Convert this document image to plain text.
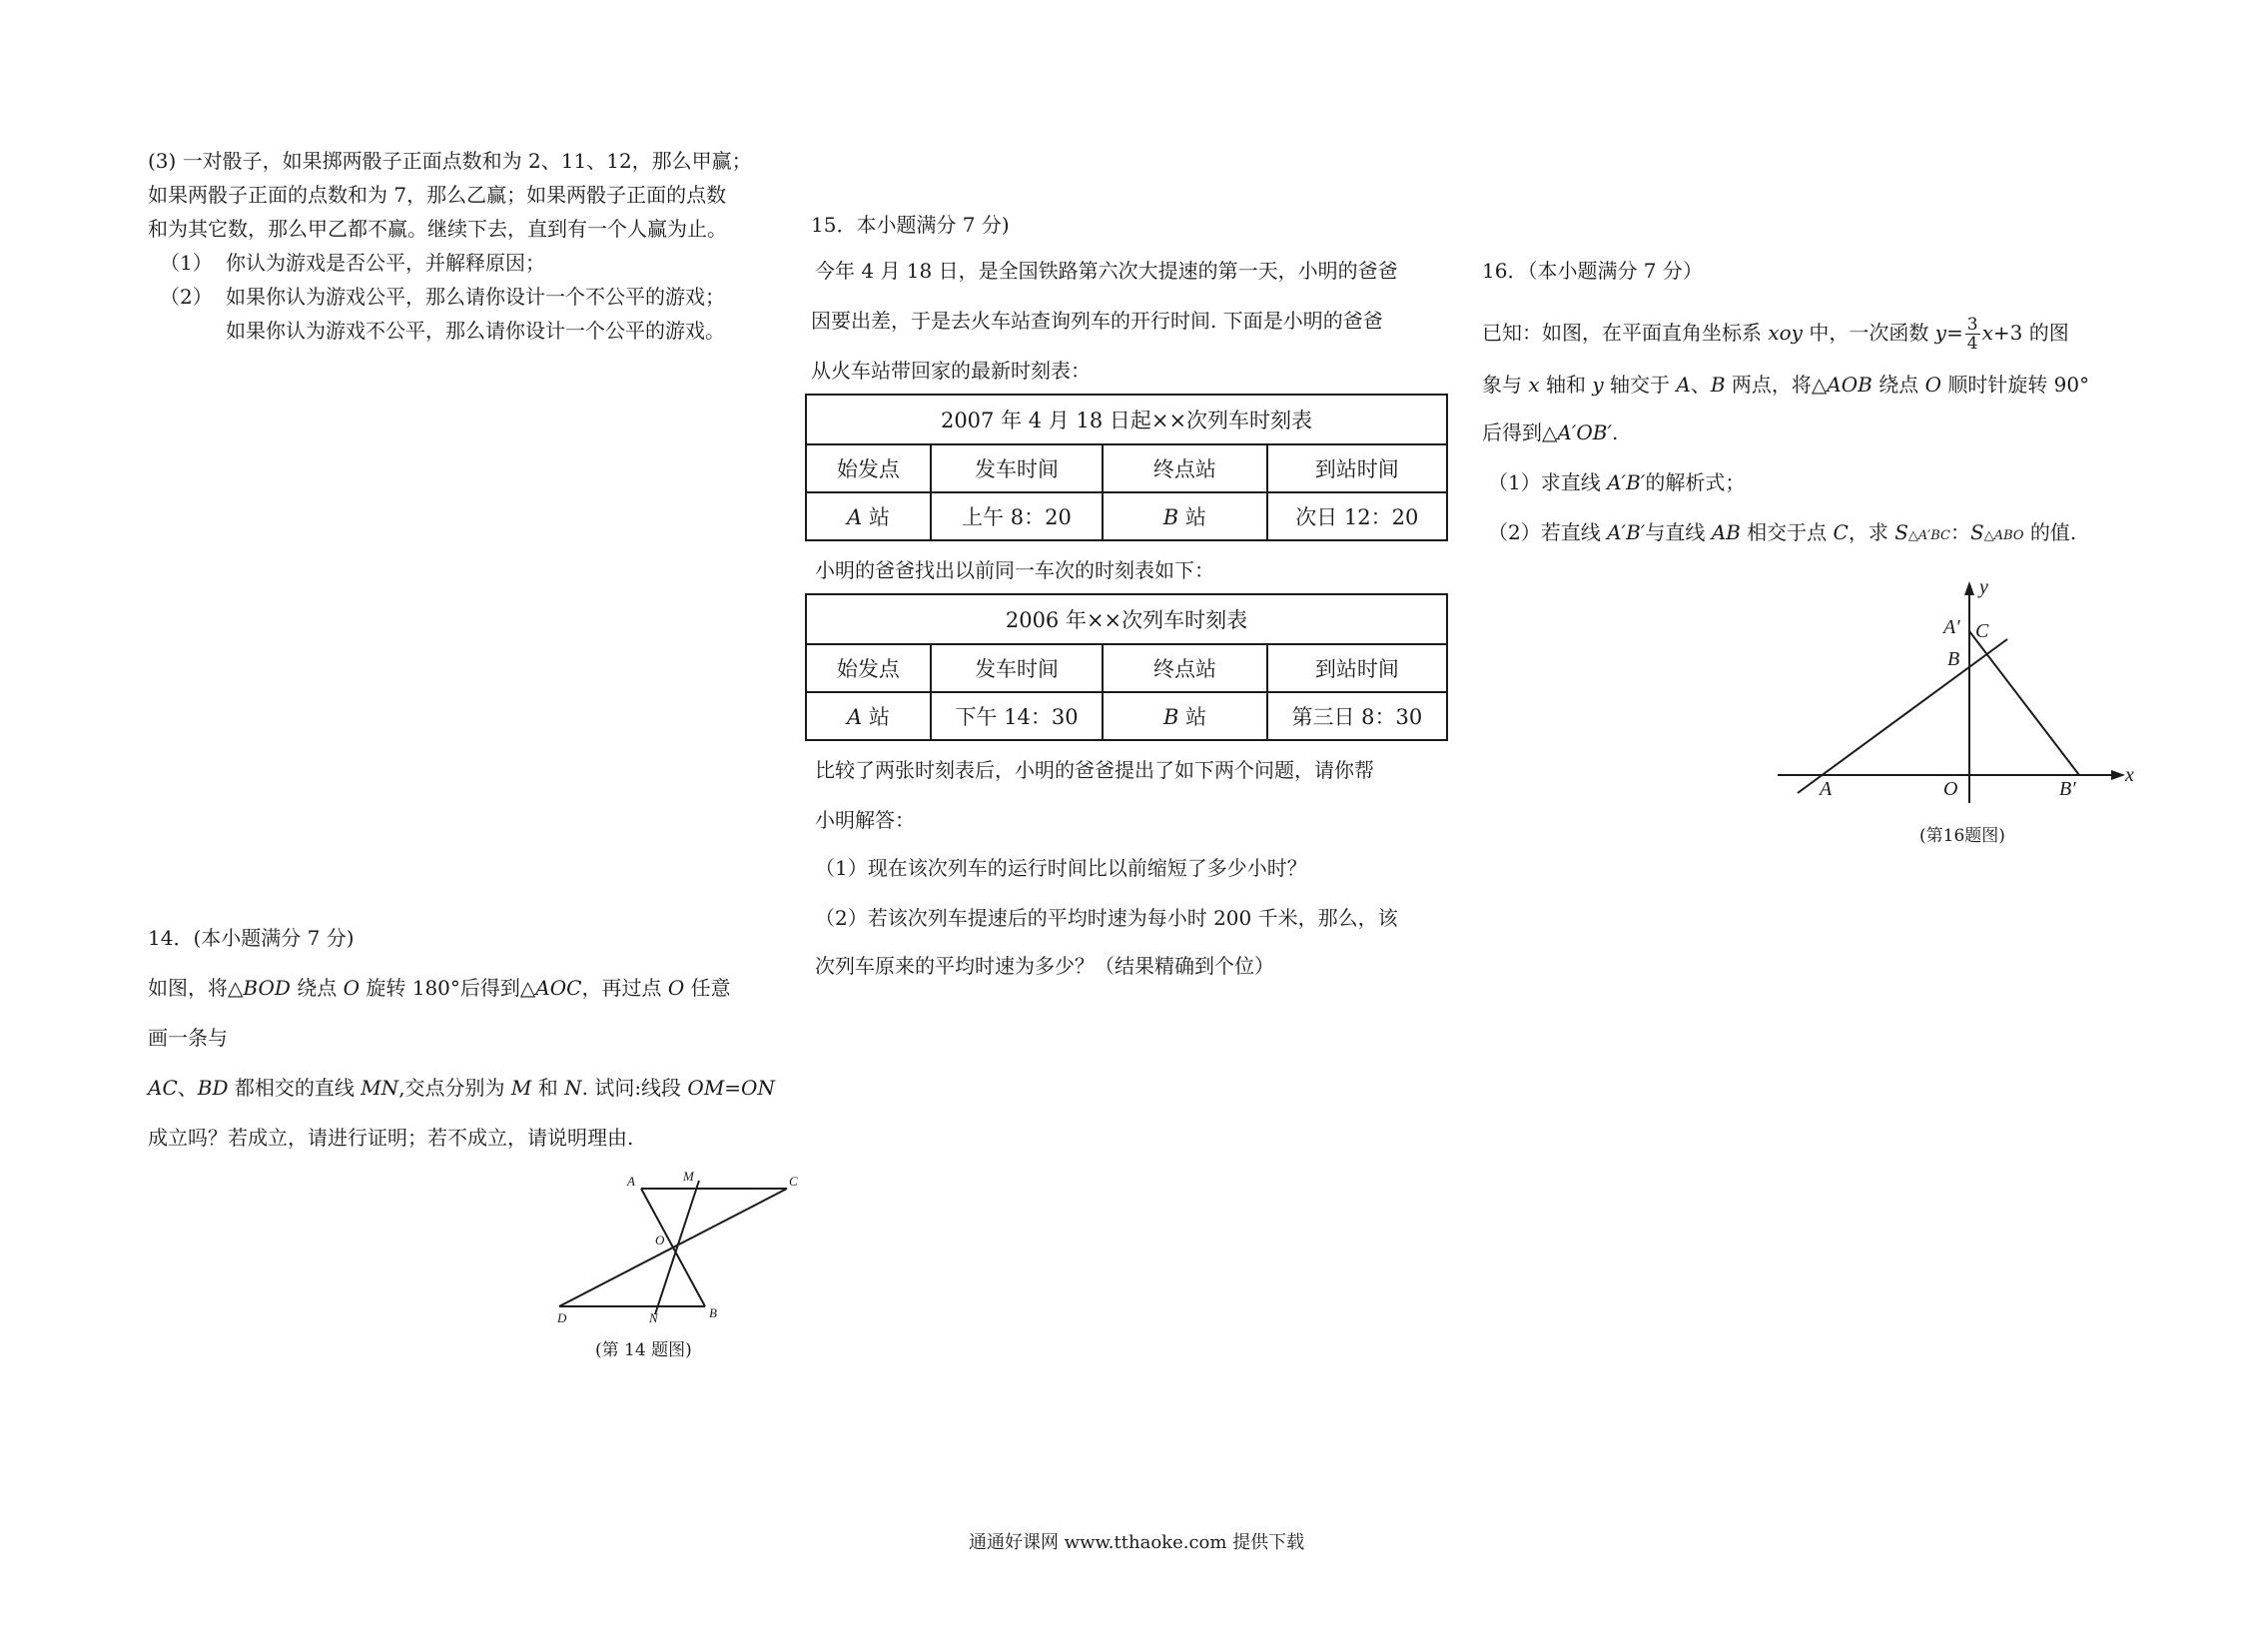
(3) 一对骰子，如果掷两骰子正面点数和为 2、11、12，那么甲赢；
如果两骰子正面的点数和为 7，那么乙赢；如果两骰子正面的点数
和为其它数，那么甲乙都不赢。继续下去，直到有一个人赢为止。
（1） 你认为游戏是否公平，并解释原因；
（2） 如果你认为游戏公平，那么请你设计一个不公平的游戏；
如果你认为游戏不公平，那么请你设计一个公平的游戏。
14．(本小题满分 7 分)
如图，将△BOD 绕点 O 旋转 180°后得到△AOC，再过点 O 任意
画一条与
AC、BD 都相交的直线 MN,交点分别为 M 和 N. 试问:线段 OM=ON
成立吗？若成立，请进行证明；若不成立，请说明理由.
A	M	C
O
D	N	B
(第 14 题图)
15．本小题满分 7 分)
今年 4 月 18 日，是全国铁路第六次大提速的第一天，小明的爸爸
因要出差，于是去火车站查询列车的开行时间. 下面是小明的爸爸
从火车站带回家的最新时刻表：
2007 年 4 月 18 日起××次列车时刻表			
始发点	发车时间	终点站	到站时间
A 站	上午 8：20	B 站	次日 12：20
小明的爸爸找出以前同一车次的时刻表如下：
2006 年××次列车时刻表			
始发点	发车时间	终点站	到站时间
A 站	下午 14：30	B 站	第三日 8：30
比较了两张时刻表后，小明的爸爸提出了如下两个问题，请你帮
小明解答：
（1）现在该次列车的运行时间比以前缩短了多少小时？
（2）若该次列车提速后的平均时速为每小时 200 千米，那么，该
次列车原来的平均时速为多少？（结果精确到个位）
16．（本小题满分 7 分）
已知：如图，在平面直角坐标系 xoy 中，一次函数 $y= \frac{3}{4} x+3$ 的图
象与 x 轴和 y 轴交于 A、B 两点，将△AOB 绕点 O 顺时针旋转 90°
后得到△A′OB′.
（1）求直线 A′B′的解析式；
（2）若直线 A′B′与直线 AB 相交于点 C，求 S△A′BC：S△ABO 的值.
y
x
A′ C
B
A	O	B′
(第16题图)
通通好课网 www.tthaoke.com 提供下载
